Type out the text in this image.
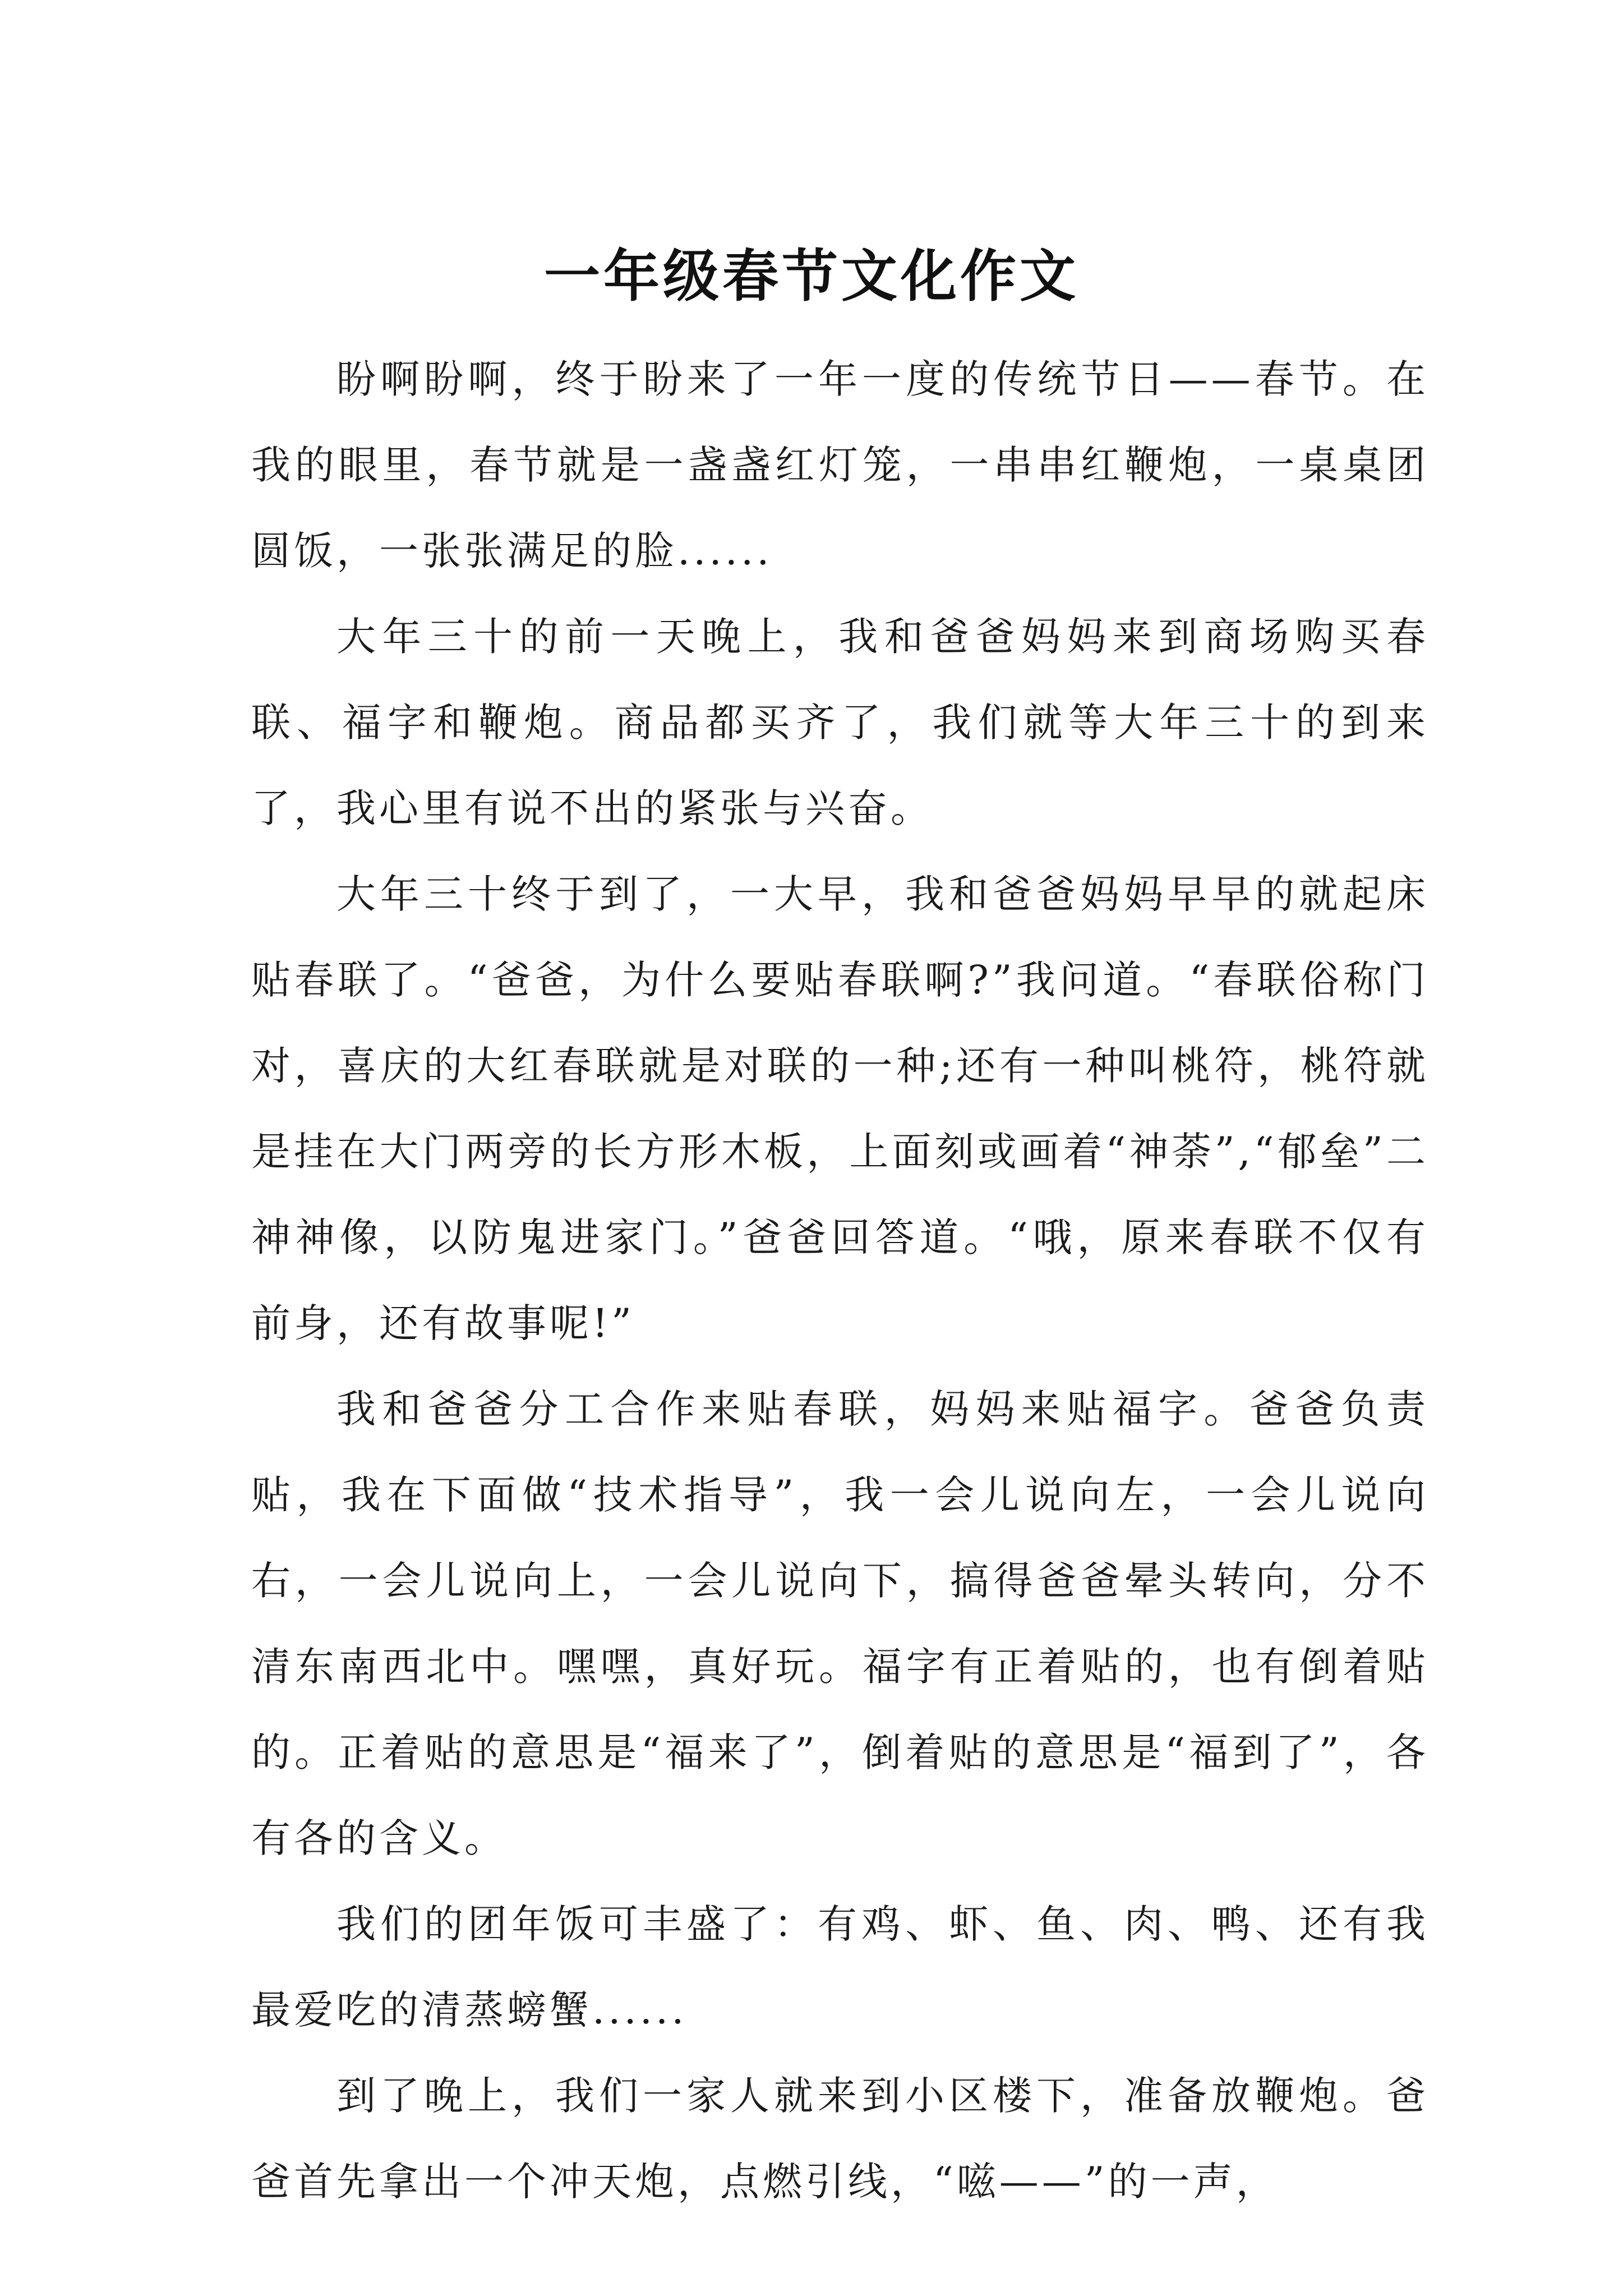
一年级春节文化作文

盼啊盼啊，终于盼来了一年一度的传统节日——春节。在我的眼里，春节就是一盏盏红灯笼，一串串红鞭炮，一桌桌团圆饭，一张张满足的脸......

大年三十的前一天晚上，我和爸爸妈妈来到商场购买春联、福字和鞭炮。商品都买齐了，我们就等大年三十的到来了，我心里有说不出的紧张与兴奋。

大年三十终于到了，一大早，我和爸爸妈妈早早的就起床贴春联了。“爸爸，为什么要贴春联啊?”我问道。“春联俗称门对，喜庆的大红春联就是对联的一种;还有一种叫桃符，桃符就是挂在大门两旁的长方形木板，上面刻或画着“神荼”,“郁垒”二神神像，以防鬼进家门。”爸爸回答道。“哦，原来春联不仅有前身，还有故事呢!”

我和爸爸分工合作来贴春联，妈妈来贴福字。爸爸负责贴，我在下面做“技术指导”，我一会儿说向左，一会儿说向右，一会儿说向上，一会儿说向下，搞得爸爸晕头转向，分不清东南西北中。嘿嘿，真好玩。福字有正着贴的，也有倒着贴的。正着贴的意思是“福来了”，倒着贴的意思是“福到了”，各有各的含义。

我们的团年饭可丰盛了：有鸡、虾、鱼、肉、鸭、还有我最爱吃的清蒸螃蟹......

到了晚上，我们一家人就来到小区楼下，准备放鞭炮。爸爸首先拿出一个冲天炮，点燃引线，“嗞——”的一声，
